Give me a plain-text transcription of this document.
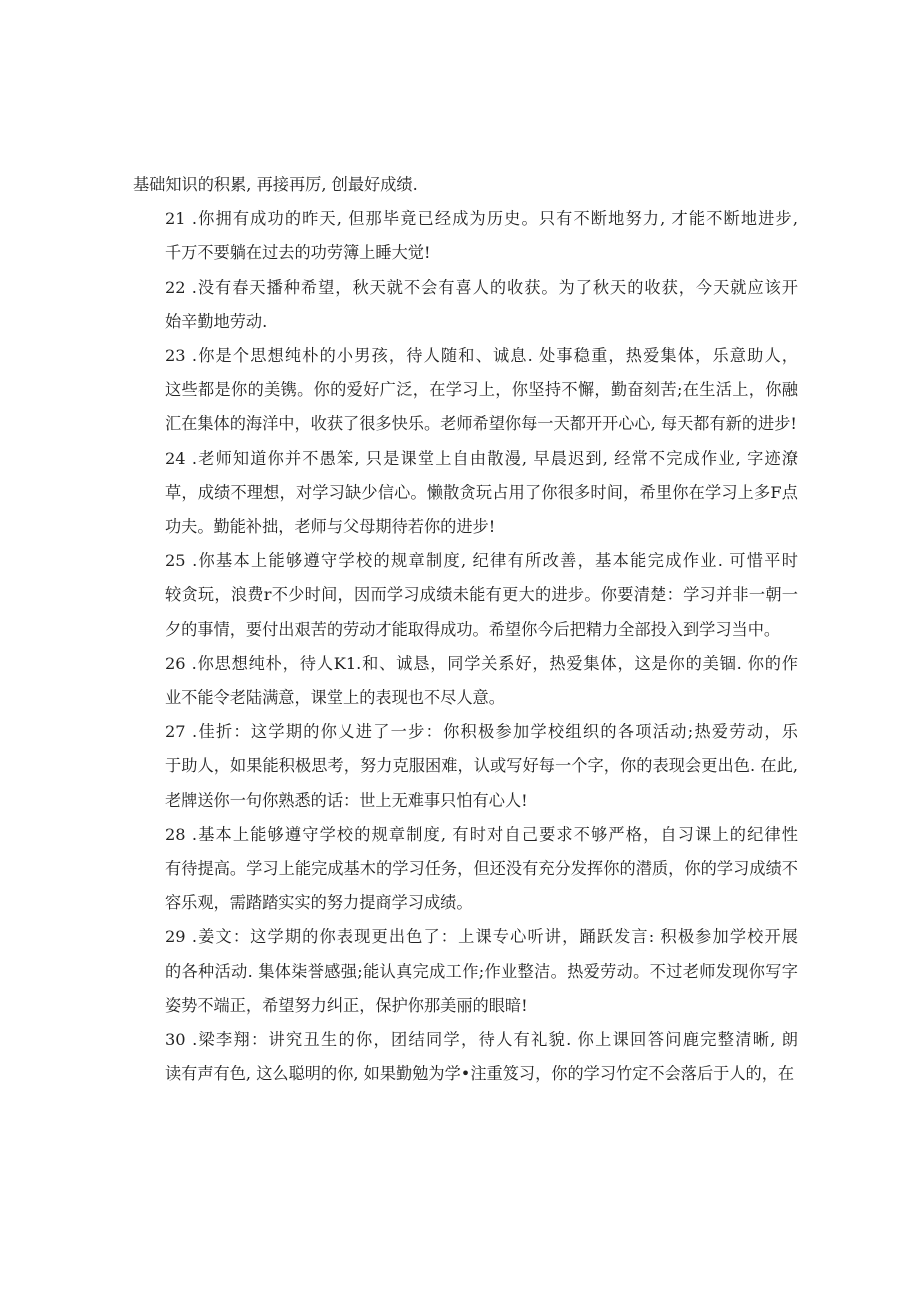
基础知识的积累, 再接再厉, 创最好成绩.
21 .你拥有成功的昨天, 但那毕竟已经成为历史。只有不断地努力, 才能不断地进步,
千万不要躺在过去的功劳簿上睡大觉!
22 .没有春天播种希望，秋天就不会有喜人的收获。为了秋天的收获，今天就应该开
始辛勤地劳动.
23 .你是个思想纯朴的小男孩，待人随和、诚息. 处事稳重，热爱集体，乐意助人，
这些都是你的美镌。你的爱好广泛，在学习上，你坚持不懈，勤奋刻苦;在生活上，你融
汇在集体的海洋中，收获了很多快乐。老师希望你每一天都开开心心, 每天都有新的进步!
24 .老师知道你并不愚笨, 只是课堂上自由散漫, 早晨迟到, 经常不完成作业, 字迹潦
草，成绩不理想，对学习缺少信心。懒散贪玩占用了你很多时间，希里你在学习上多F点
功夫。勤能补拙，老师与父母期待若你的进步!
25 .你基本上能够遵守学校的规章制度, 纪律有所改善，基本能完成作业. 可惜平时
较贪玩，浪费r不少时间，因而学习成绩未能有更大的进步。你要清楚：学习并非一朝一
夕的事情，要付出艰苦的劳动才能取得成功。希望你今后把精力全部投入到学习当中。
26 .你思想纯朴，待人K1.和、诚恳，同学关系好，热爱集体，这是你的美锢. 你的作
业不能令老陆满意，课堂上的表现也不尽人意。
27 .佳折：这学期的你乂进了一步：你积极参加学校组织的各项活动;热爱劳动，乐
于助人，如果能积极思考，努力克服困难，认或写好每一个字，你的表现会更出色. 在此,
老牌送你一句你熟悉的话：世上无难事只怕有心人!
28 .基本上能够遵守学校的规章制度, 有时对自己要求不够严格，自习课上的纪律性
有待提高。学习上能完成基木的学习任务，但还没有充分发挥你的潜质，你的学习成绩不
容乐观，需踏踏实实的努力提商学习成绩。
29 .姜文：这学期的你表现更出色了：上课专心听讲，踊跃发言: 积极参加学校开展
的各种活动. 集体柒誉感强;能认真完成工作;作业整洁。热爱劳动。不过老师发现你写字
姿势不端正，希望努力纠正，保护你那美丽的眼暗!
30 .梁李翔：讲究丑生的你，团结同学，待人有礼貌. 你上课回答问鹿完整清晰, 朗
读有声有色, 这么聪明的你, 如果勤勉为学•注重笈习，你的学习竹定不会落后于人的，在
